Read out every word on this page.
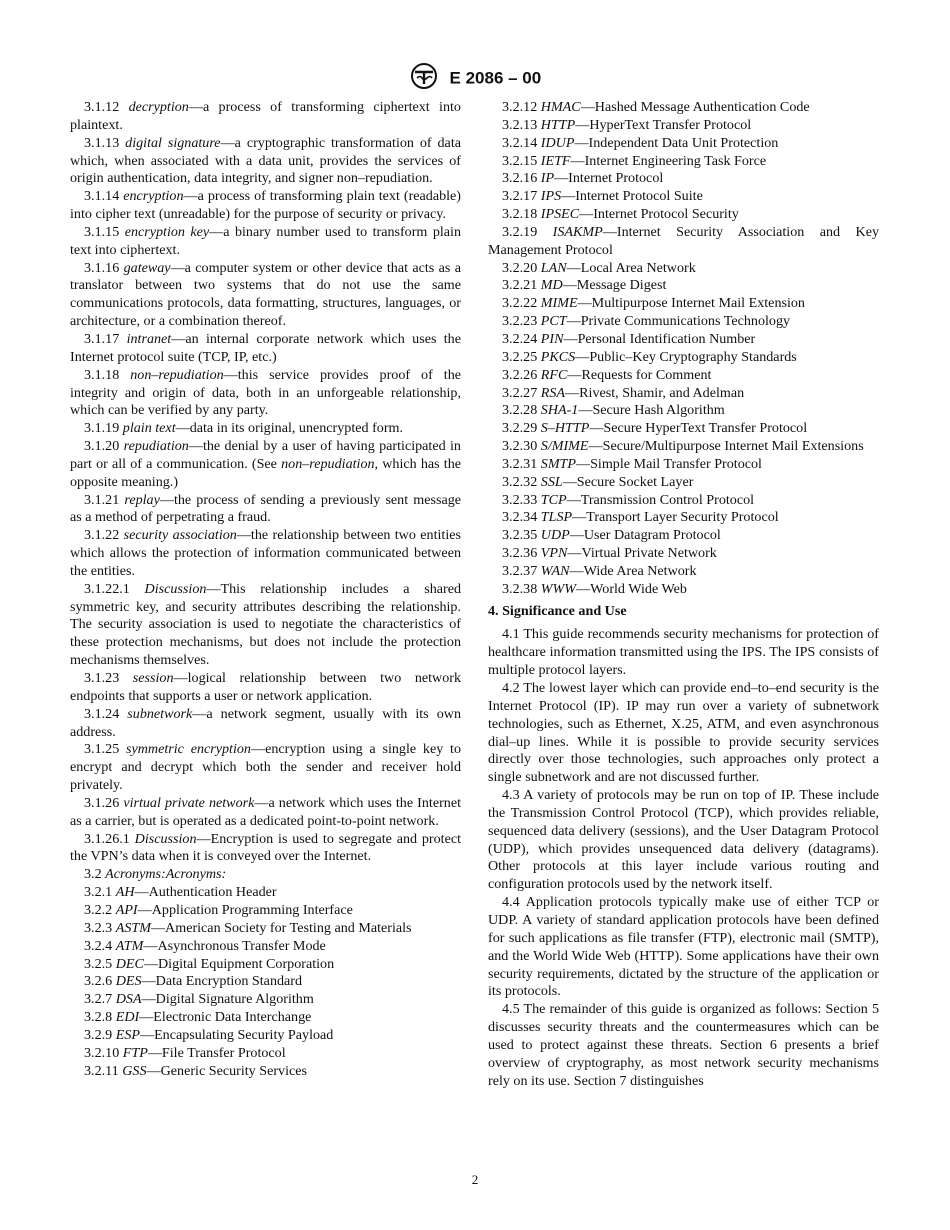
E 2086 – 00

3.1.12 decryption—a process of transforming ciphertext into plaintext.

3.1.13 digital signature—a cryptographic transformation of data which, when associated with a data unit, provides the services of origin authentication, data integrity, and signer non–repudiation.

3.1.14 encryption—a process of transforming plain text (readable) into cipher text (unreadable) for the purpose of security or privacy.

3.1.15 encryption key—a binary number used to transform plain text into ciphertext.

3.1.16 gateway—a computer system or other device that acts as a translator between two systems that do not use the same communications protocols, data formatting, structures, languages, or architecture, or a combination thereof.

3.1.17 intranet—an internal corporate network which uses the Internet protocol suite (TCP, IP, etc.)

3.1.18 non–repudiation—this service provides proof of the integrity and origin of data, both in an unforgeable relationship, which can be verified by any party.

3.1.19 plain text—data in its original, unencrypted form.

3.1.20 repudiation—the denial by a user of having participated in part or all of a communication. (See non–repudiation, which has the opposite meaning.)

3.1.21 replay—the process of sending a previously sent message as a method of perpetrating a fraud.

3.1.22 security association—the relationship between two entities which allows the protection of information communicated between the entities.

3.1.22.1 Discussion—This relationship includes a shared symmetric key, and security attributes describing the relationship. The security association is used to negotiate the characteristics of these protection mechanisms, but does not include the protection mechanisms themselves.

3.1.23 session—logical relationship between two network endpoints that supports a user or network application.

3.1.24 subnetwork—a network segment, usually with its own address.

3.1.25 symmetric encryption—encryption using a single key to encrypt and decrypt which both the sender and receiver hold privately.

3.1.26 virtual private network—a network which uses the Internet as a carrier, but is operated as a dedicated point-to-point network.

3.1.26.1 Discussion—Encryption is used to segregate and protect the VPN’s data when it is conveyed over the Internet.

3.2 Acronyms:Acronyms:

3.2.1 AH—Authentication Header

3.2.2 API—Application Programming Interface

3.2.3 ASTM—American Society for Testing and Materials

3.2.4 ATM—Asynchronous Transfer Mode

3.2.5 DEC—Digital Equipment Corporation

3.2.6 DES—Data Encryption Standard

3.2.7 DSA—Digital Signature Algorithm

3.2.8 EDI—Electronic Data Interchange

3.2.9 ESP—Encapsulating Security Payload

3.2.10 FTP—File Transfer Protocol

3.2.11 GSS—Generic Security Services

3.2.12 HMAC—Hashed Message Authentication Code

3.2.13 HTTP—HyperText Transfer Protocol

3.2.14 IDUP—Independent Data Unit Protection

3.2.15 IETF—Internet Engineering Task Force

3.2.16 IP—Internet Protocol

3.2.17 IPS—Internet Protocol Suite

3.2.18 IPSEC—Internet Protocol Security

3.2.19 ISAKMP—Internet Security Association and Key Management Protocol

3.2.20 LAN—Local Area Network

3.2.21 MD—Message Digest

3.2.22 MIME—Multipurpose Internet Mail Extension

3.2.23 PCT—Private Communications Technology

3.2.24 PIN—Personal Identification Number

3.2.25 PKCS—Public–Key Cryptography Standards

3.2.26 RFC—Requests for Comment

3.2.27 RSA—Rivest, Shamir, and Adelman

3.2.28 SHA-1—Secure Hash Algorithm

3.2.29 S–HTTP—Secure HyperText Transfer Protocol

3.2.30 S/MIME—Secure/Multipurpose Internet Mail Extensions

3.2.31 SMTP—Simple Mail Transfer Protocol

3.2.32 SSL—Secure Socket Layer

3.2.33 TCP—Transmission Control Protocol

3.2.34 TLSP—Transport Layer Security Protocol

3.2.35 UDP—User Datagram Protocol

3.2.36 VPN—Virtual Private Network

3.2.37 WAN—Wide Area Network

3.2.38 WWW—World Wide Web

4. Significance and Use

4.1 This guide recommends security mechanisms for protection of healthcare information transmitted using the IPS. The IPS consists of multiple protocol layers.

4.2 The lowest layer which can provide end–to–end security is the Internet Protocol (IP). IP may run over a variety of subnetwork technologies, such as Ethernet, X.25, ATM, and even asynchronous dial–up lines. While it is possible to provide security services directly over those technologies, such approaches only protect a single subnetwork and are not discussed further.

4.3 A variety of protocols may be run on top of IP. These include the Transmission Control Protocol (TCP), which provides reliable, sequenced data delivery (sessions), and the User Datagram Protocol (UDP), which provides unsequenced data delivery (datagrams). Other protocols at this layer include various routing and configuration protocols used by the network itself.

4.4 Application protocols typically make use of either TCP or UDP. A variety of standard application protocols have been defined for such applications as file transfer (FTP), electronic mail (SMTP), and the World Wide Web (HTTP). Some applications have their own security requirements, dictated by the structure of the application or its protocols.

4.5 The remainder of this guide is organized as follows: Section 5 discusses security threats and the countermeasures which can be used to protect against these threats. Section 6 presents a brief overview of cryptography, as most network security mechanisms rely on its use. Section 7 distinguishes

2
